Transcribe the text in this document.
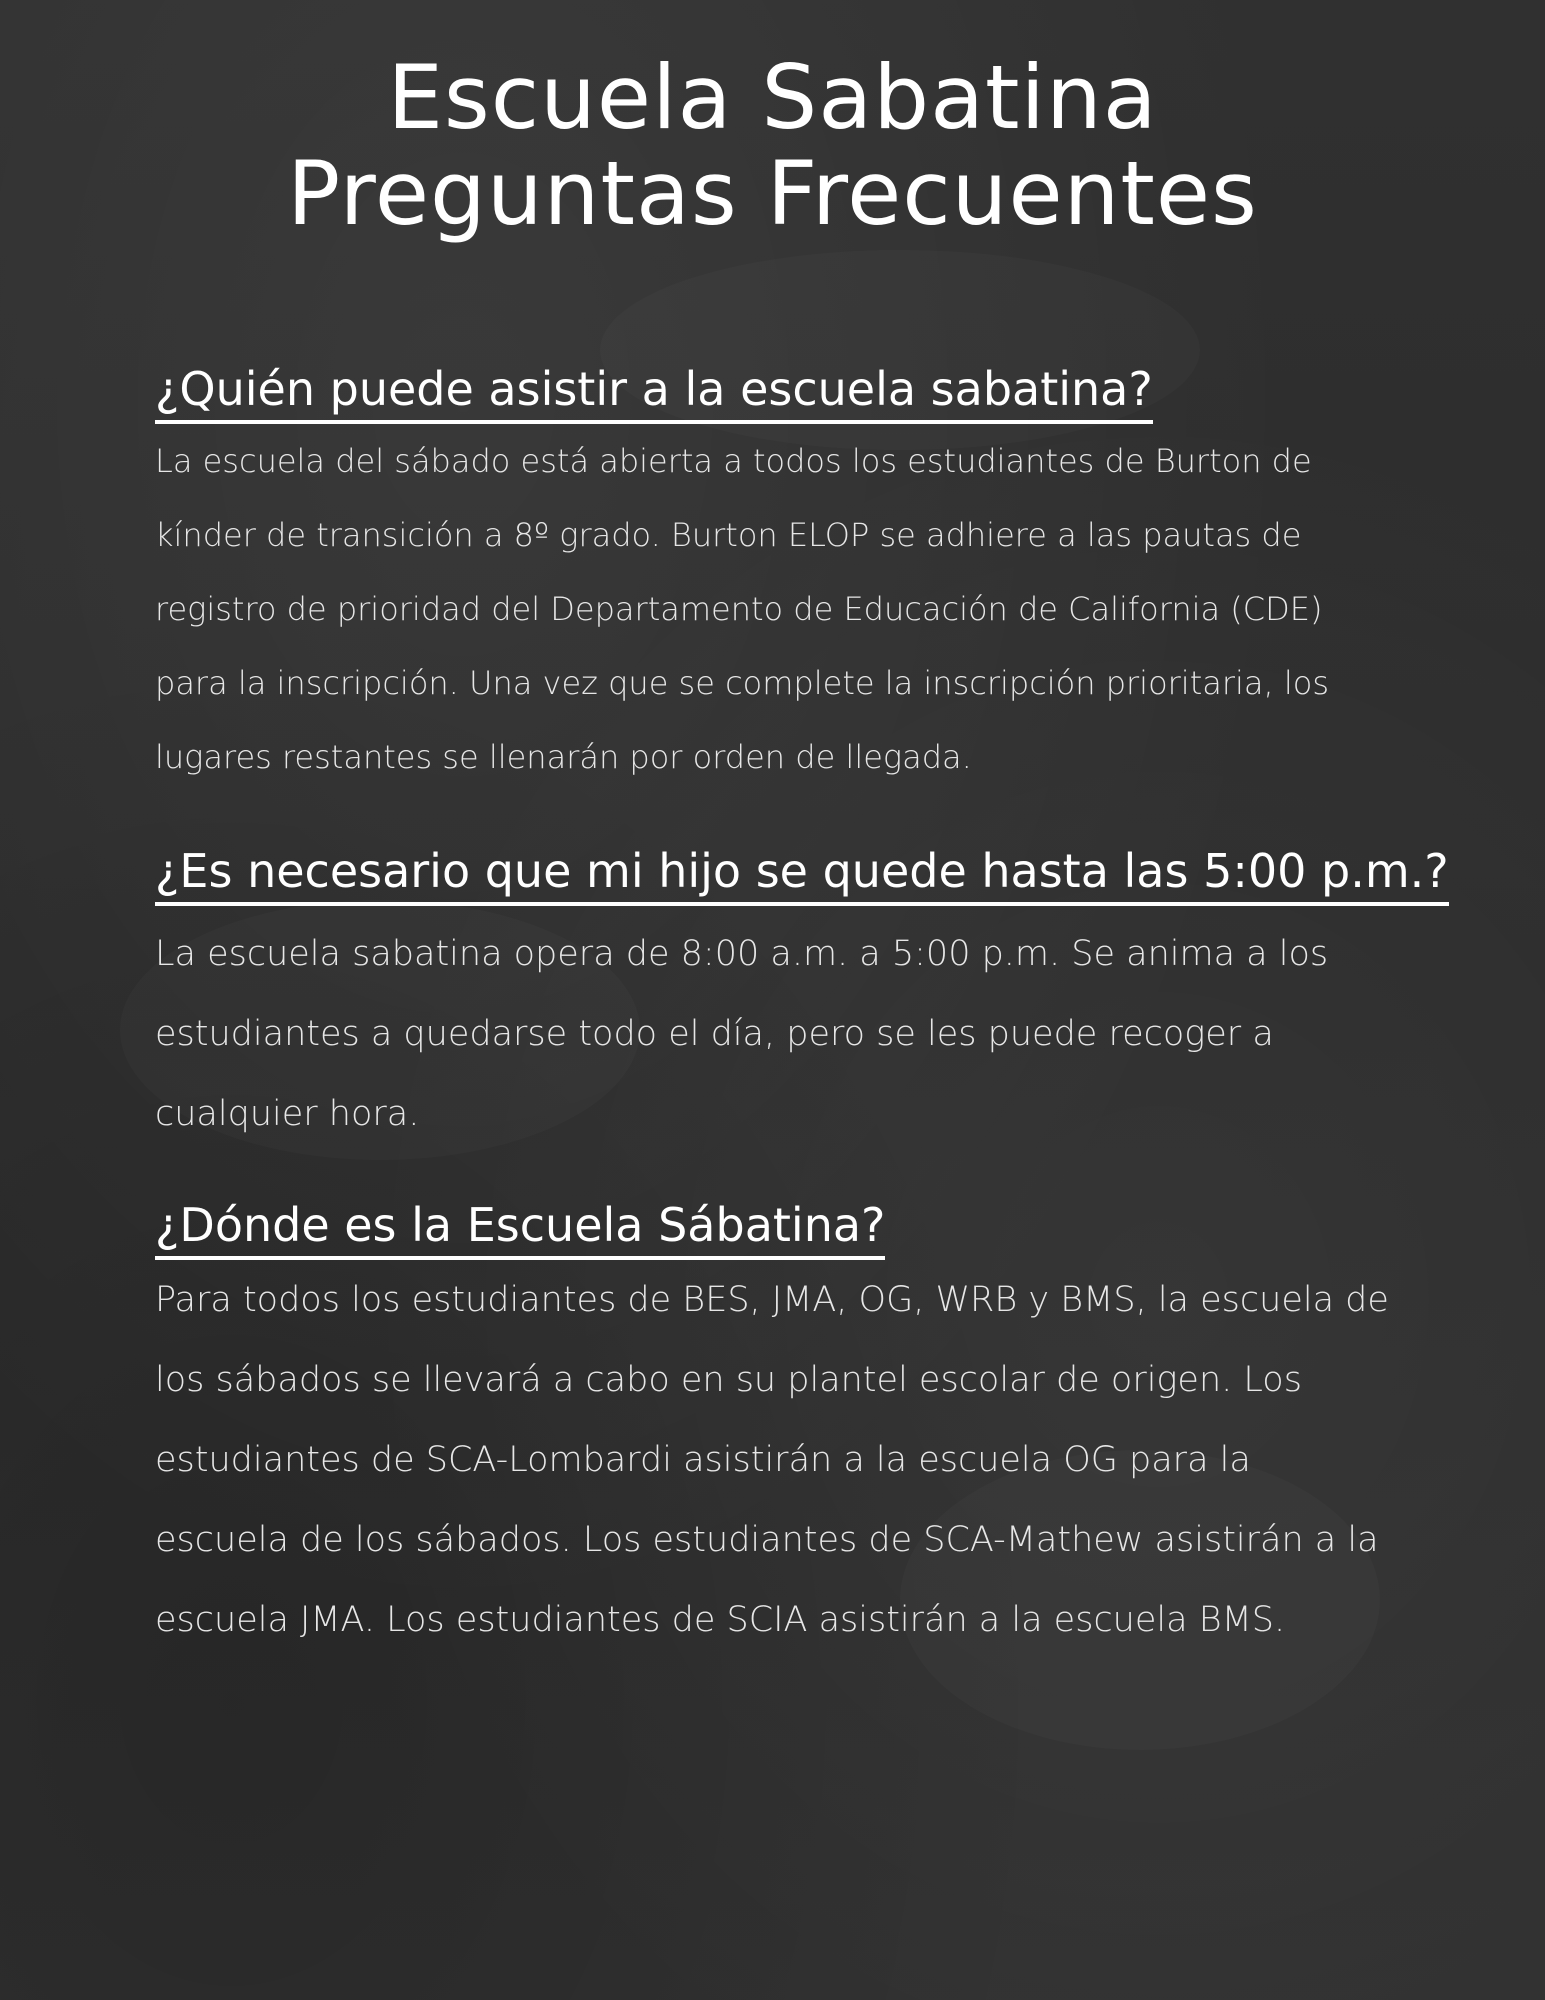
Escuela Sabatina
Preguntas Frecuentes
¿Quién puede asistir a la escuela sabatina?

La escuela del sábado está abierta a todos los estudiantes de Burton de kínder de transición a 8º grado. Burton ELOP se adhiere a las pautas de registro de prioridad del Departamento de Educación de California (CDE) para la inscripción. Una vez que se complete la inscripción prioritaria, los lugares restantes se llenarán por orden de llegada.

¿Es necesario que mi hijo se quede hasta las 5:00 p.m.?

La escuela sabatina opera de 8:00 a.m. a 5:00 p.m. Se anima a los estudiantes a quedarse todo el día, pero se les puede recoger a cualquier hora.

¿Dónde es la Escuela Sábatina?

Para todos los estudiantes de BES, JMA, OG, WRB y BMS, la escuela de los sábados se llevará a cabo en su plantel escolar de origen. Los estudiantes de SCA-Lombardi asistirán a la escuela OG para la escuela de los sábados. Los estudiantes de SCA-Mathew asistirán a la escuela JMA. Los estudiantes de SCIA asistirán a la escuela BMS.
